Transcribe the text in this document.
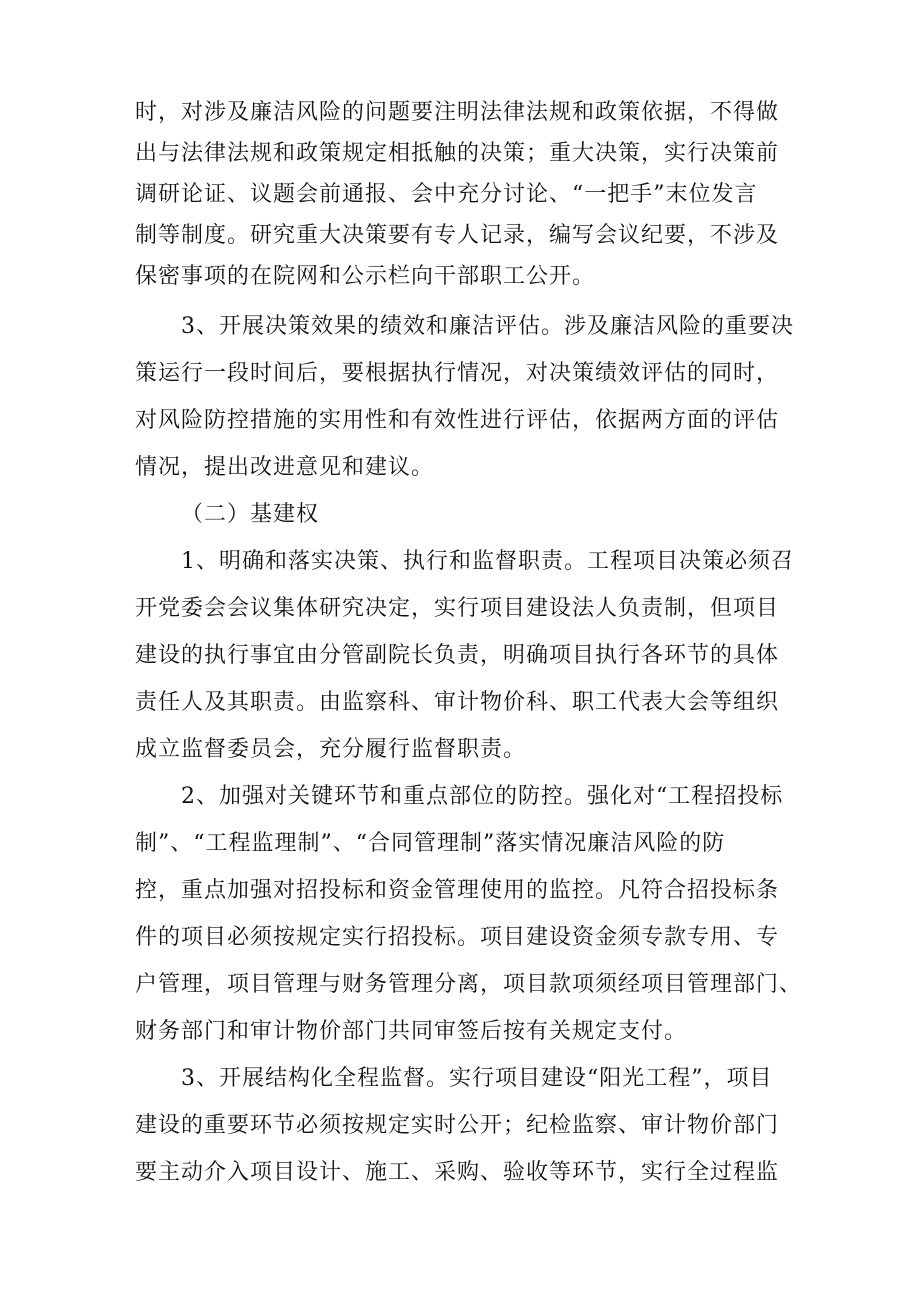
时，对涉及廉洁风险的问题要注明法律法规和政策依据，不得做
出与法律法规和政策规定相抵触的决策；重大决策，实行决策前
调研论证、议题会前通报、会中充分讨论、“一把手”末位发言
制等制度。研究重大决策要有专人记录，编写会议纪要，不涉及
保密事项的在院网和公示栏向干部职工公开。
3、开展决策效果的绩效和廉洁评估。涉及廉洁风险的重要决
策运行一段时间后，要根据执行情况，对决策绩效评估的同时，
对风险防控措施的实用性和有效性进行评估，依据两方面的评估
情况，提出改进意见和建议。
（二）基建权
1、明确和落实决策、执行和监督职责。工程项目决策必须召
开党委会会议集体研究决定，实行项目建设法人负责制，但项目
建设的执行事宜由分管副院长负责，明确项目执行各环节的具体
责任人及其职责。由监察科、审计物价科、职工代表大会等组织
成立监督委员会，充分履行监督职责。
2、加强对关键环节和重点部位的防控。强化对“工程招投标
制”、“工程监理制”、“合同管理制”落实情况廉洁风险的防
控，重点加强对招投标和资金管理使用的监控。凡符合招投标条
件的项目必须按规定实行招投标。项目建设资金须专款专用、专
户管理，项目管理与财务管理分离，项目款项须经项目管理部门、
财务部门和审计物价部门共同审签后按有关规定支付。
3、开展结构化全程监督。实行项目建设“阳光工程”，项目
建设的重要环节必须按规定实时公开；纪检监察、审计物价部门
要主动介入项目设计、施工、采购、验收等环节，实行全过程监
